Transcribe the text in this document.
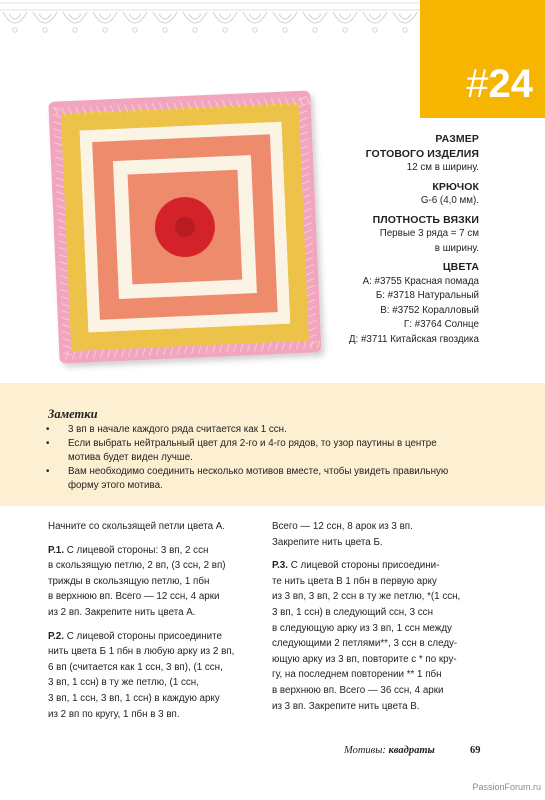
#24
РАЗМЕР
ГОТОВОГО ИЗДЕЛИЯ
12 см в ширину.
КРЮЧОК
G-6 (4,0 мм).
ПЛОТНОСТЬ ВЯЗКИ
Первые 3 ряда = 7 см
в ширину.
ЦВЕТА
А: #3755 Красная помада
Б: #3718 Натуральный
В: #3752 Коралловый
Г: #3764 Солнце
Д: #3711 Китайская гвоздика
Заметки
• 3 вп в начале каждого ряда считается как 1 ссн.
• Если выбрать нейтральный цвет для 2-го и 4-го рядов, то узор паутины в центре
мотива будет виден лучше.
• Вам необходимо соединить несколько мотивов вместе, чтобы увидеть правильную
форму этого мотива.
Начните со скользящей петли цвета А.
Р.1. С лицевой стороны: 3 вп, 2 ссн
в скользящую петлю, 2 вп, (3 ссн, 2 вп)
трижды в скользящую петлю, 1 пбн
в верхнюю вп. Всего — 12 ссн, 4 арки
из 2 вп. Закрепите нить цвета А.
Р.2. С лицевой стороны присоедините
нить цвета Б 1 пбн в любую арку из 2 вп,
6 вп (считается как 1 ссн, 3 вп), (1 ссн,
3 вп, 1 ссн) в ту же петлю, (1 ссн,
3 вп, 1 ссн, 3 вп, 1 ссн) в каждую арку
из 2 вп по кругу, 1 пбн в 3 вп.
Всего — 12 ссн, 8 арок из 3 вп.
Закрепите нить цвета Б.
Р.3. С лицевой стороны присоедини-
те нить цвета В 1 пбн в первую арку
из 3 вп, 3 вп, 2 ссн в ту же петлю, *(1 ссн,
3 вп, 1 ссн) в следующий ссн, 3 ссн
в следующую арку из 3 вп, 1 ссн между
следующими 2 петлями**, 3 ссн в следу-
ющую арку из 3 вп, повторите с * по кру-
гу, на последнем повторении ** 1 пбн
в верхнюю вп. Всего — 36 ссн, 4 арки
из 3 вп. Закрепите нить цвета В.
Мотивы: квадраты	69
PassionForum.ru
